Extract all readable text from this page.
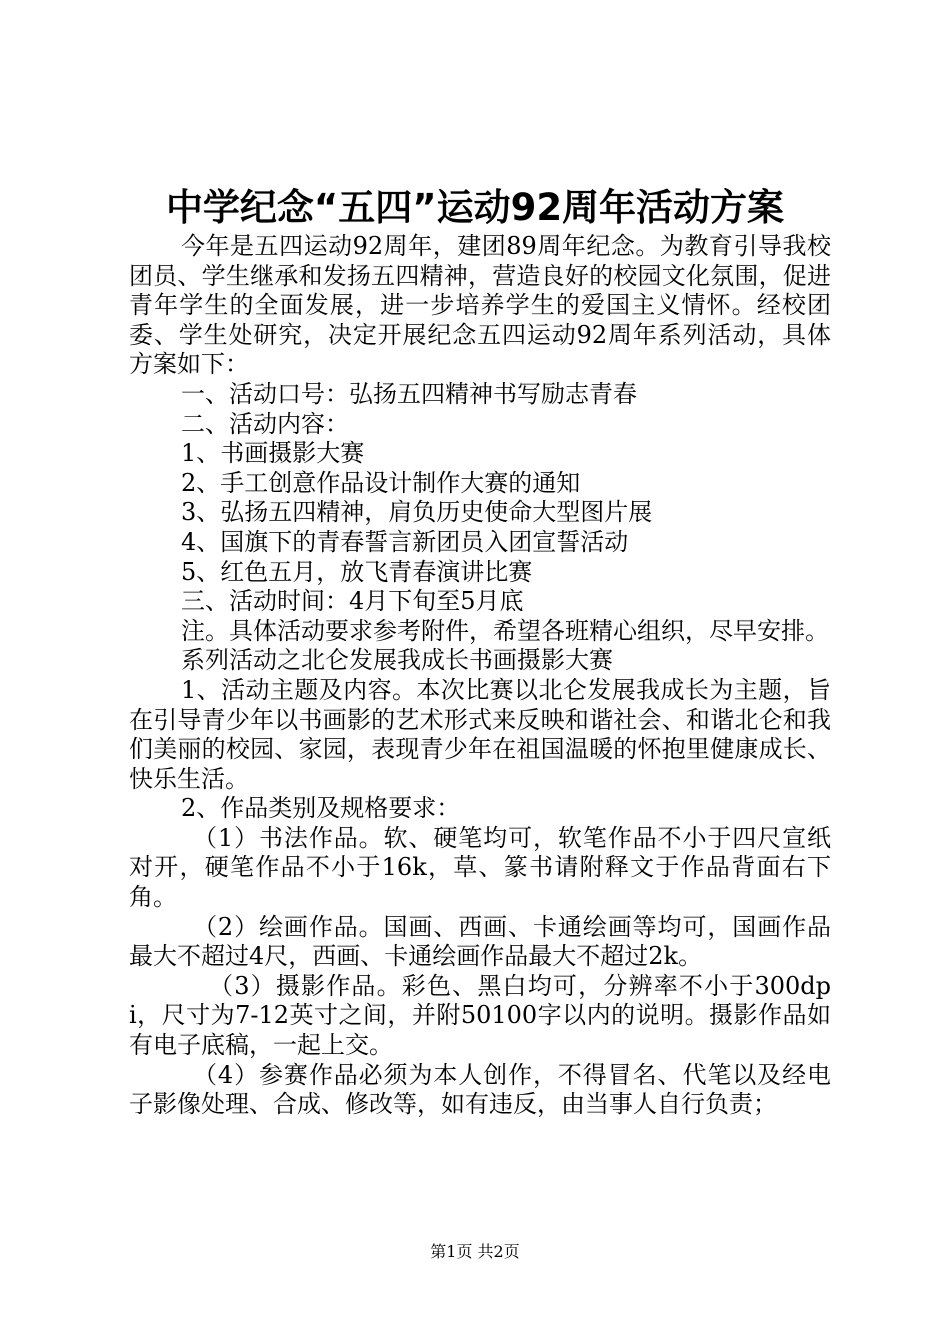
中学纪念“五四”运动92周年活动方案

今年是五四运动92周年，建团89周年纪念。为教育引导我校团员、学生继承和发扬五四精神，营造良好的校园文化氛围，促进青年学生的全面发展，进一步培养学生的爱国主义情怀。经校团委、学生处研究，决定开展纪念五四运动92周年系列活动，具体方案如下：

一、活动口号：弘扬五四精神书写励志青春

二、活动内容：

1、书画摄影大赛

2、手工创意作品设计制作大赛的通知

3、弘扬五四精神，肩负历史使命大型图片展

4、国旗下的青春誓言新团员入团宣誓活动

5、红色五月，放飞青春演讲比赛

三、活动时间：4月下旬至5月底

注。具体活动要求参考附件，希望各班精心组织，尽早安排。

系列活动之北仑发展我成长书画摄影大赛

1、活动主题及内容。本次比赛以北仑发展我成长为主题，旨在引导青少年以书画影的艺术形式来反映和谐社会、和谐北仑和我们美丽的校园、家园，表现青少年在祖国温暖的怀抱里健康成长、快乐生活。

2、作品类别及规格要求：

（1）书法作品。软、硬笔均可，软笔作品不小于四尺宣纸对开，硬笔作品不小于16k，草、篆书请附释文于作品背面右下角。

（2）绘画作品。国画、西画、卡通绘画等均可，国画作品最大不超过4尺，西画、卡通绘画作品最大不超过2k。

（3）摄影作品。彩色、黑白均可，分辨率不小于300dpi，尺寸为7-12英寸之间，并附50100字以内的说明。摄影作品如有电子底稿，一起上交。

（4）参赛作品必须为本人创作，不得冒名、代笔以及经电子影像处理、合成、修改等，如有违反，由当事人自行负责；

第1页 共2页
